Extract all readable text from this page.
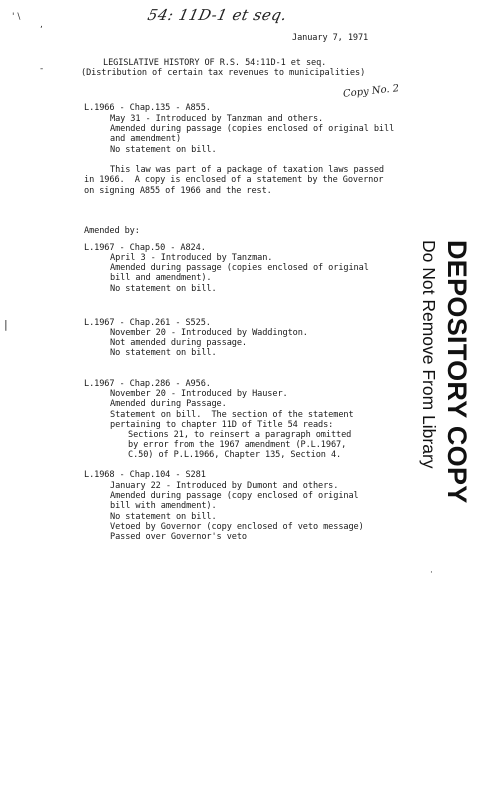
' \
,
-
|
·
54: 11D-1 et seq.
January 7, 1971
LEGISLATIVE HISTORY OF R.S. 54:11D-1 et seq.
(Distribution of certain tax revenues to municipalities)
Copy No. 2
L.1966 - Chap.135 - A855.
May 31 - Introduced by Tanzman and others.
Amended during passage (copies enclosed of original bill
and amendment)
No statement on bill.
This law was part of a package of taxation laws passed
in 1966.  A copy is enclosed of a statement by the Governor
on signing A855 of 1966 and the rest.
Amended by:
L.1967 - Chap.50 - A824.
April 3 - Introduced by Tanzman.
Amended during passage (copies enclosed of original
bill and amendment).
No statement on bill.
L.1967 - Chap.261 - S525.
November 20 - Introduced by Waddington.
Not amended during passage.
No statement on bill.
L.1967 - Chap.286 - A956.
November 20 - Introduced by Hauser.
Amended during Passage.
Statement on bill.  The section of the statement
pertaining to chapter 11D of Title 54 reads:
Sections 21, to reinsert a paragraph omitted
by error from the 1967 amendment (P.L.1967,
C.50) of P.L.1966, Chapter 135, Section 4.
L.1968 - Chap.104 - S281
January 22 - Introduced by Dumont and others.
Amended during passage (copy enclosed of original
bill with amendment).
No statement on bill.
Vetoed by Governor (copy enclosed of veto message)
Passed over Governor's veto
DEPOSITORY COPY
Do Not Remove From Library
